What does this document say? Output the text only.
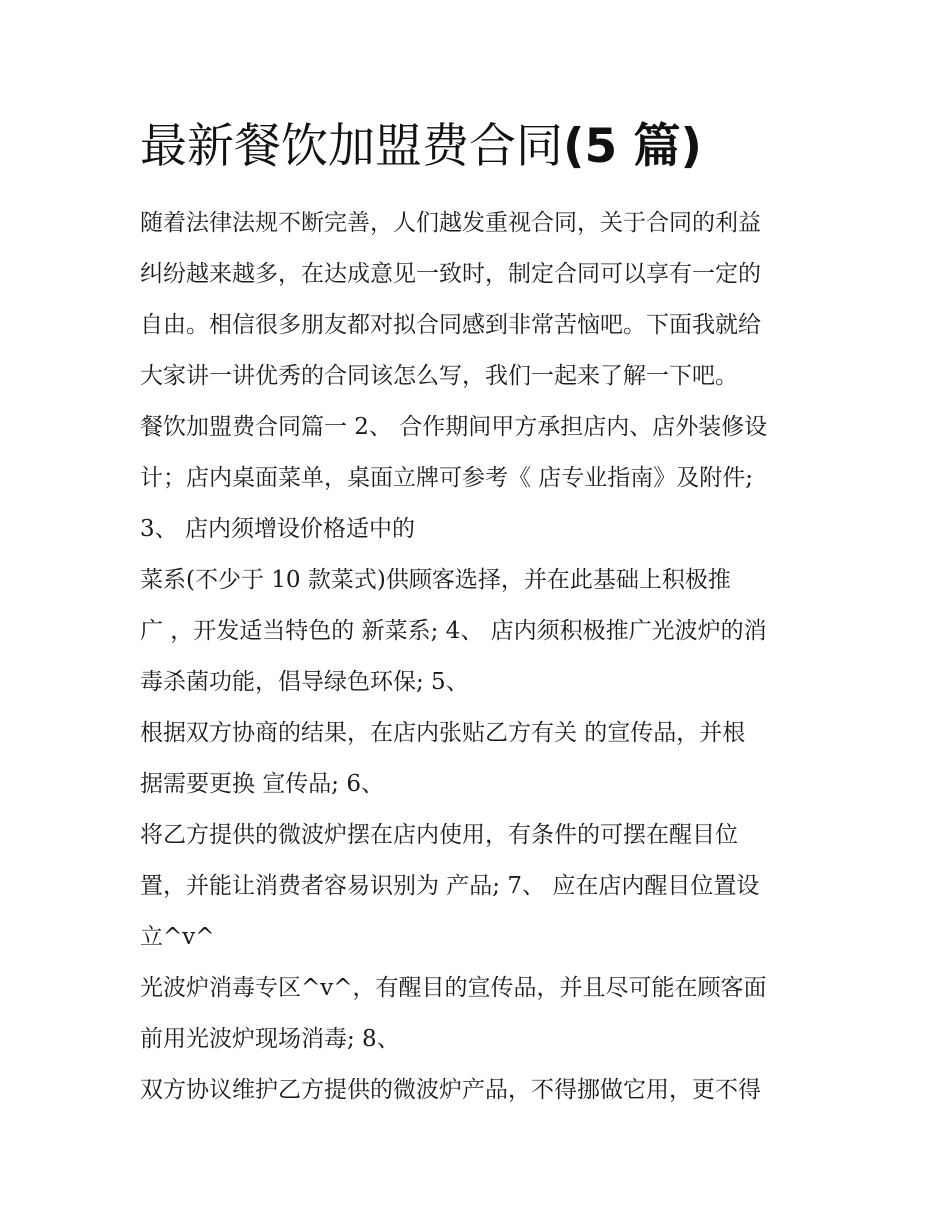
最新餐饮加盟费合同(5 篇)
随着法律法规不断完善，人们越发重视合同，关于合同的利益
纠纷越来越多，在达成意见一致时，制定合同可以享有一定的
自由。相信很多朋友都对拟合同感到非常苦恼吧。下面我就给
大家讲一讲优秀的合同该怎么写，我们一起来了解一下吧。
餐饮加盟费合同篇一 2、 合作期间甲方承担店内、店外装修设
计；店内桌面菜单，桌面立牌可参考《 店专业指南》及附件;
3、 店内须增设价格适中的
菜系(不少于 10 款菜式)供顾客选择，并在此基础上积极推
广 ，开发适当特色的 新菜系; 4、 店内须积极推广光波炉的消
毒杀菌功能，倡导绿色环保; 5、
根据双方协商的结果，在店内张贴乙方有关 的宣传品，并根
据需要更换 宣传品; 6、
将乙方提供的微波炉摆在店内使用，有条件的可摆在醒目位
置，并能让消费者容易识别为 产品; 7、 应在店内醒目位置设
立^v^
光波炉消毒专区^v^，有醒目的宣传品，并且尽可能在顾客面
前用光波炉现场消毒; 8、
双方协议维护乙方提供的微波炉产品，不得挪做它用，更不得
